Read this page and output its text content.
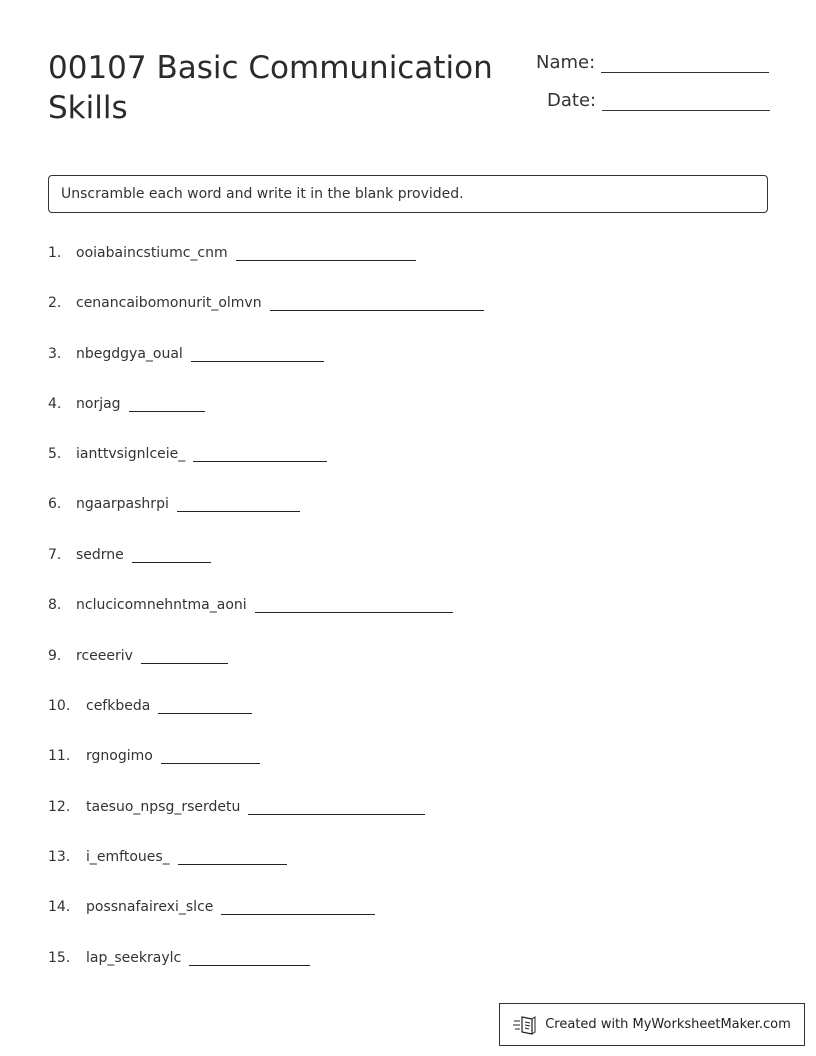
00107 Basic Communication Skills
Name:
Date:
Unscramble each word and write it in the blank provided.
1.	ooiabaincstiumc_cnm
2.	cenancaibomonurit_olmvn
3.	nbegdgya_oual
4.	norjag
5.	ianttvsignlceie_
6.	ngaarpashrpi
7.	sedrne
8.	nclucicomnehntma_aoni
9.	rceeeriv
10.	cefkbeda
11.	rgnogimo
12.	taesuo_npsg_rserdetu
13.	i_emftoues_
14.	possnafairexi_slce
15.	lap_seekraylc
Created with MyWorksheetMaker.com
